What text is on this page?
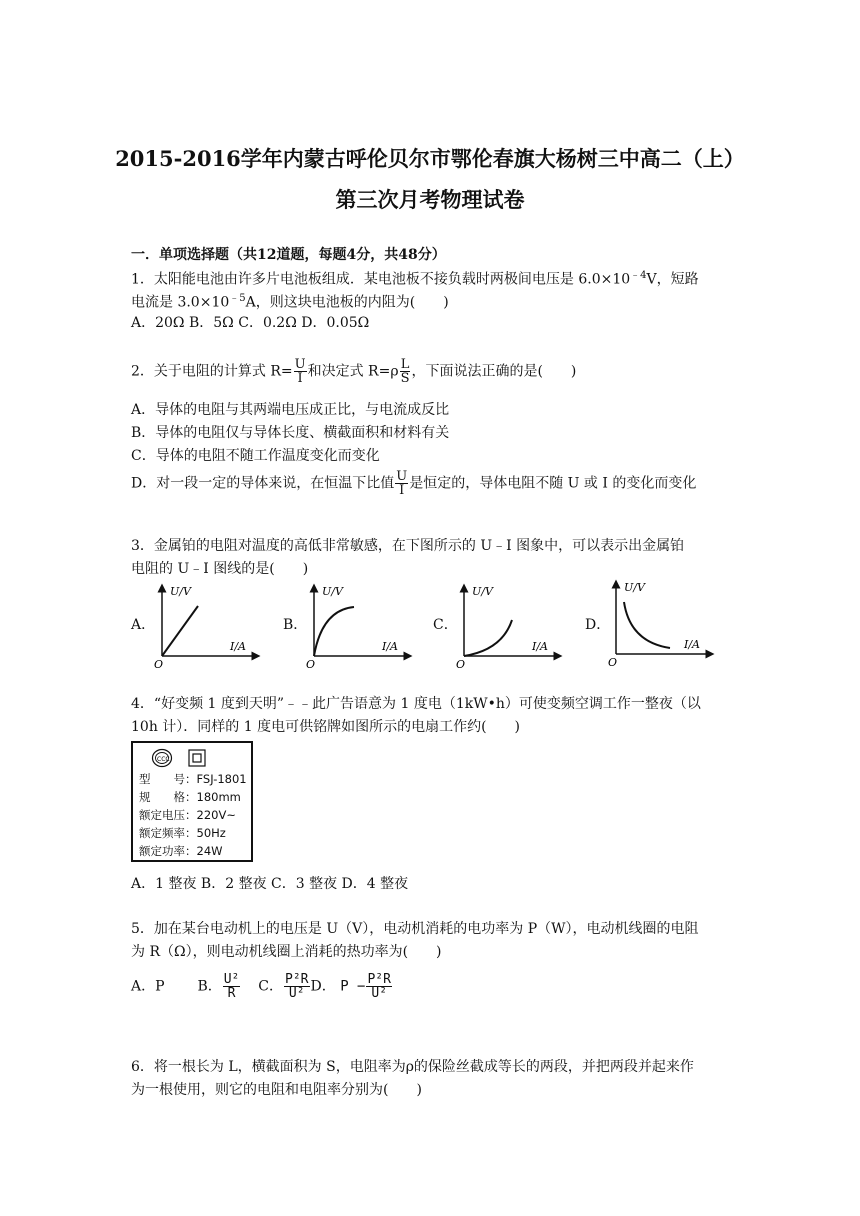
2015-2016学年内蒙古呼伦贝尔市鄂伦春旗大杨树三中高二（上）
第三次月考物理试卷
一．单项选择题（共12道题，每题4分，共48分）
1．太阳能电池由许多片电池板组成．某电池板不接负载时两极间电压是 $6.0\times 10^{﹣4}V$，短路
电流是 $3.0\times 10^{﹣5}A$，则这块电池板的内阻为(　　)
A．20Ω B．5Ω C．0.2Ω D．0.05Ω
2．关于电阻的计算式 $R= \frac{U}{I}$ 和决定式 $R=\rho \frac{L}{S}$ ，下面说法正确的是(　　)
A．导体的电阻与其两端电压成正比，与电流成反比
B．导体的电阻仅与导体长度、横截面积和材料有关
C．导体的电阻不随工作温度变化而变化
D．对一段一定的导体来说，在恒温下比值 $\frac{U}{I}$ 是恒定的，导体电阻不随 U 或 I 的变化而变化
3．金属铂的电阻对温度的高低非常敏感，在下图所示的 U﹣I 图象中，可以表示出金属铂
电阻的 U﹣I 图线的是(　　)
A．	B．	C．	D．
U/V
I/A
O
U/V
I/A
O
U/V
I/A
O
U/V
I/A
O
4．“好变频 1 度到天明”﹣﹣此广告语意为 1 度电（1kW•h）可使变频空调工作一整夜（以
10h 计）．同样的 1 度电可供铭牌如图所示的电扇工作约(　　)
CCC
型　　号：FSJ-1801
规　　格：180mm
额定电压：220V~
额定频率：50Hz
额定功率：24W
A．1 整夜 B．2 整夜 C．3 整夜 D．4 整夜
5．加在某台电动机上的电压是 U（V），电动机消耗的电功率为 P（W），电动机线圈的电阻
为 R（Ω），则电动机线圈上消耗的热功率为(　　)
A．P B． $\frac{\text{U²}}{R}$ C． $\frac{\text{P²R}}{\text{U²}}$ D． $P - \frac{\text{P²R}}{\text{U²}}$
6．将一根长为 L，横截面积为 S，电阻率为ρ的保险丝截成等长的两段，并把两段并起来作
为一根使用，则它的电阻和电阻率分别为(　　)
